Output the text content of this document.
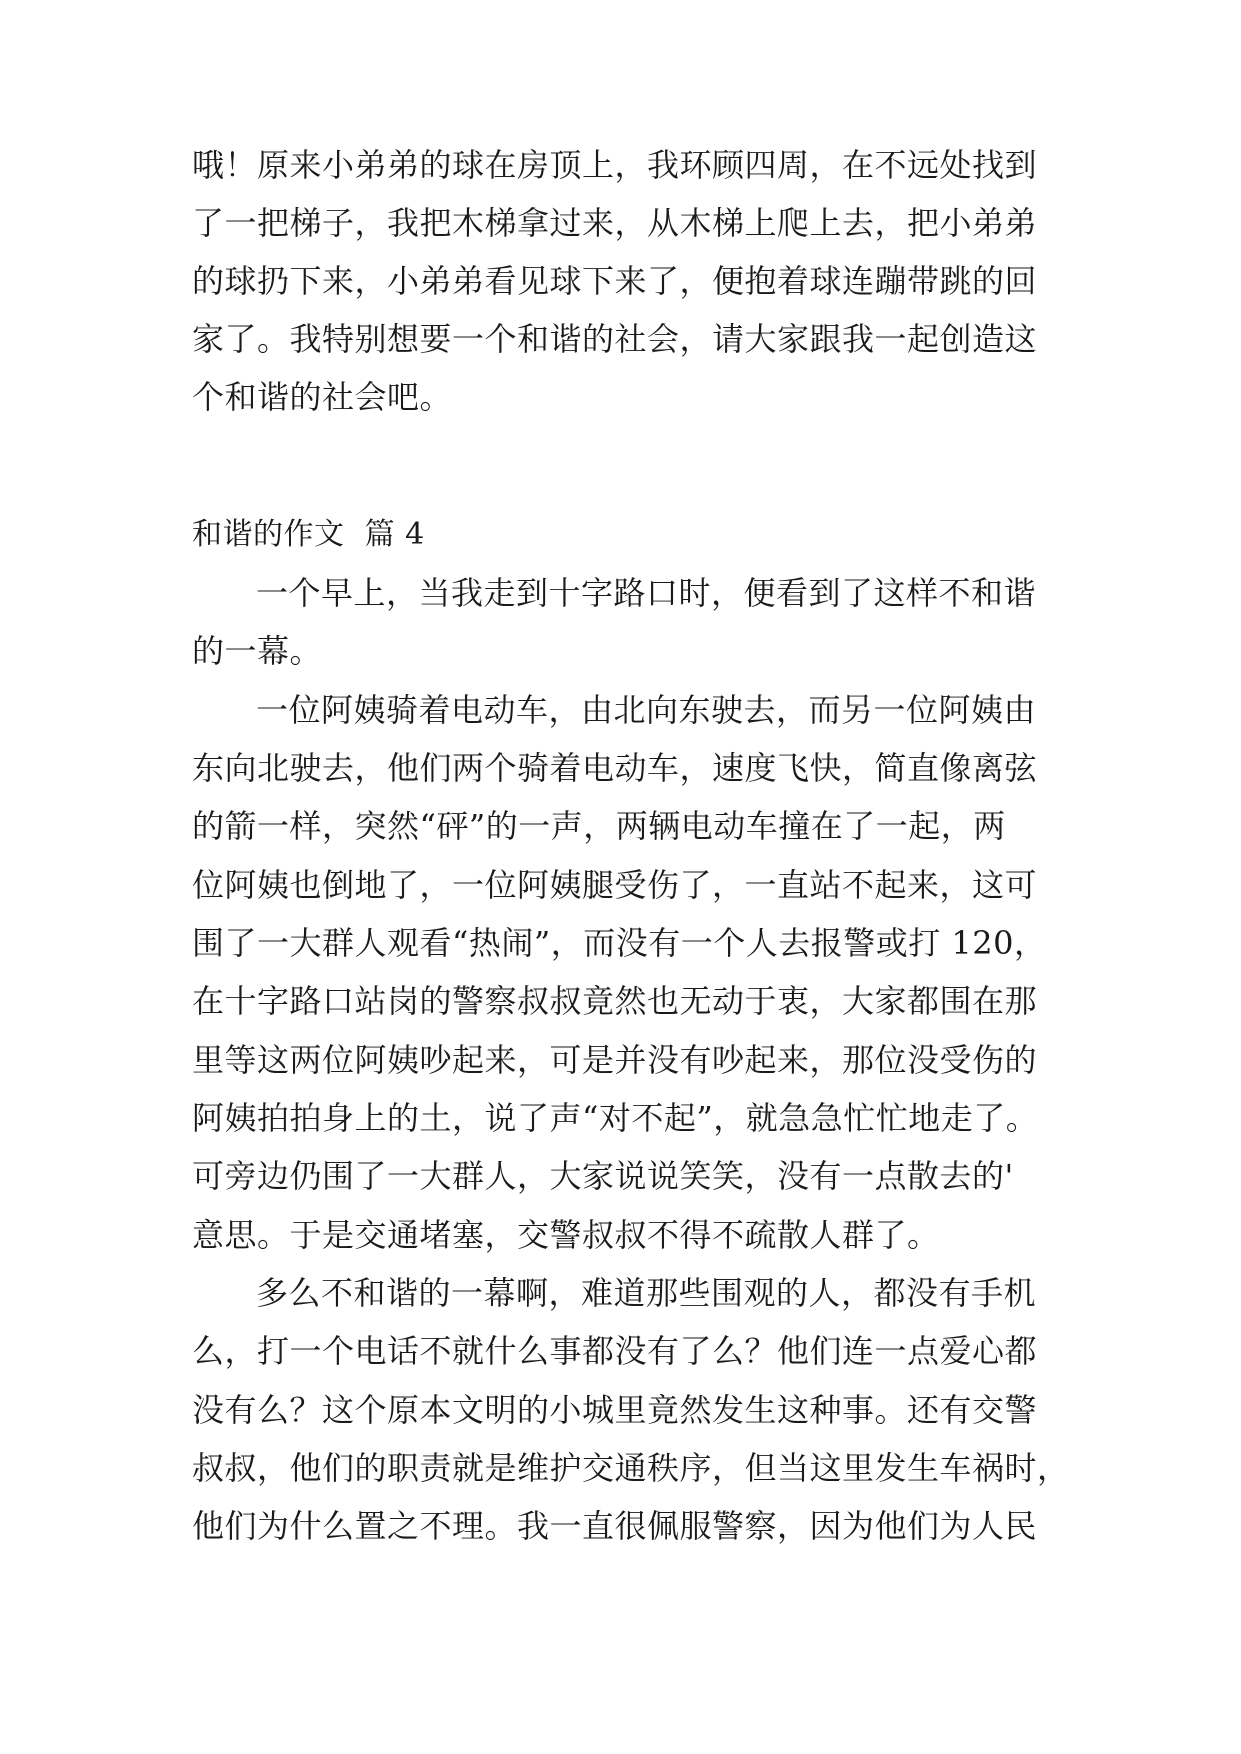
哦！原来小弟弟的球在房顶上，我环顾四周，在不远处找到
了一把梯子，我把木梯拿过来，从木梯上爬上去，把小弟弟
的球扔下来，小弟弟看见球下来了，便抱着球连蹦带跳的回
家了。我特别想要一个和谐的社会，请大家跟我一起创造这
个和谐的社会吧。
和谐的作文  篇 4
一个早上，当我走到十字路口时，便看到了这样不和谐
的一幕。
一位阿姨骑着电动车，由北向东驶去，而另一位阿姨由
东向北驶去，他们两个骑着电动车，速度飞快，简直像离弦
的箭一样，突然“砰”的一声，两辆电动车撞在了一起，两
位阿姨也倒地了，一位阿姨腿受伤了，一直站不起来，这可
围了一大群人观看“热闹”，而没有一个人去报警或打 120，
在十字路口站岗的警察叔叔竟然也无动于衷，大家都围在那
里等这两位阿姨吵起来，可是并没有吵起来，那位没受伤的
阿姨拍拍身上的土，说了声“对不起”，就急急忙忙地走了。
可旁边仍围了一大群人，大家说说笑笑，没有一点散去的'
意思。于是交通堵塞，交警叔叔不得不疏散人群了。
多么不和谐的一幕啊，难道那些围观的人，都没有手机
么，打一个电话不就什么事都没有了么？他们连一点爱心都
没有么？这个原本文明的小城里竟然发生这种事。还有交警
叔叔，他们的职责就是维护交通秩序，但当这里发生车祸时，
他们为什么置之不理。我一直很佩服警察，因为他们为人民
